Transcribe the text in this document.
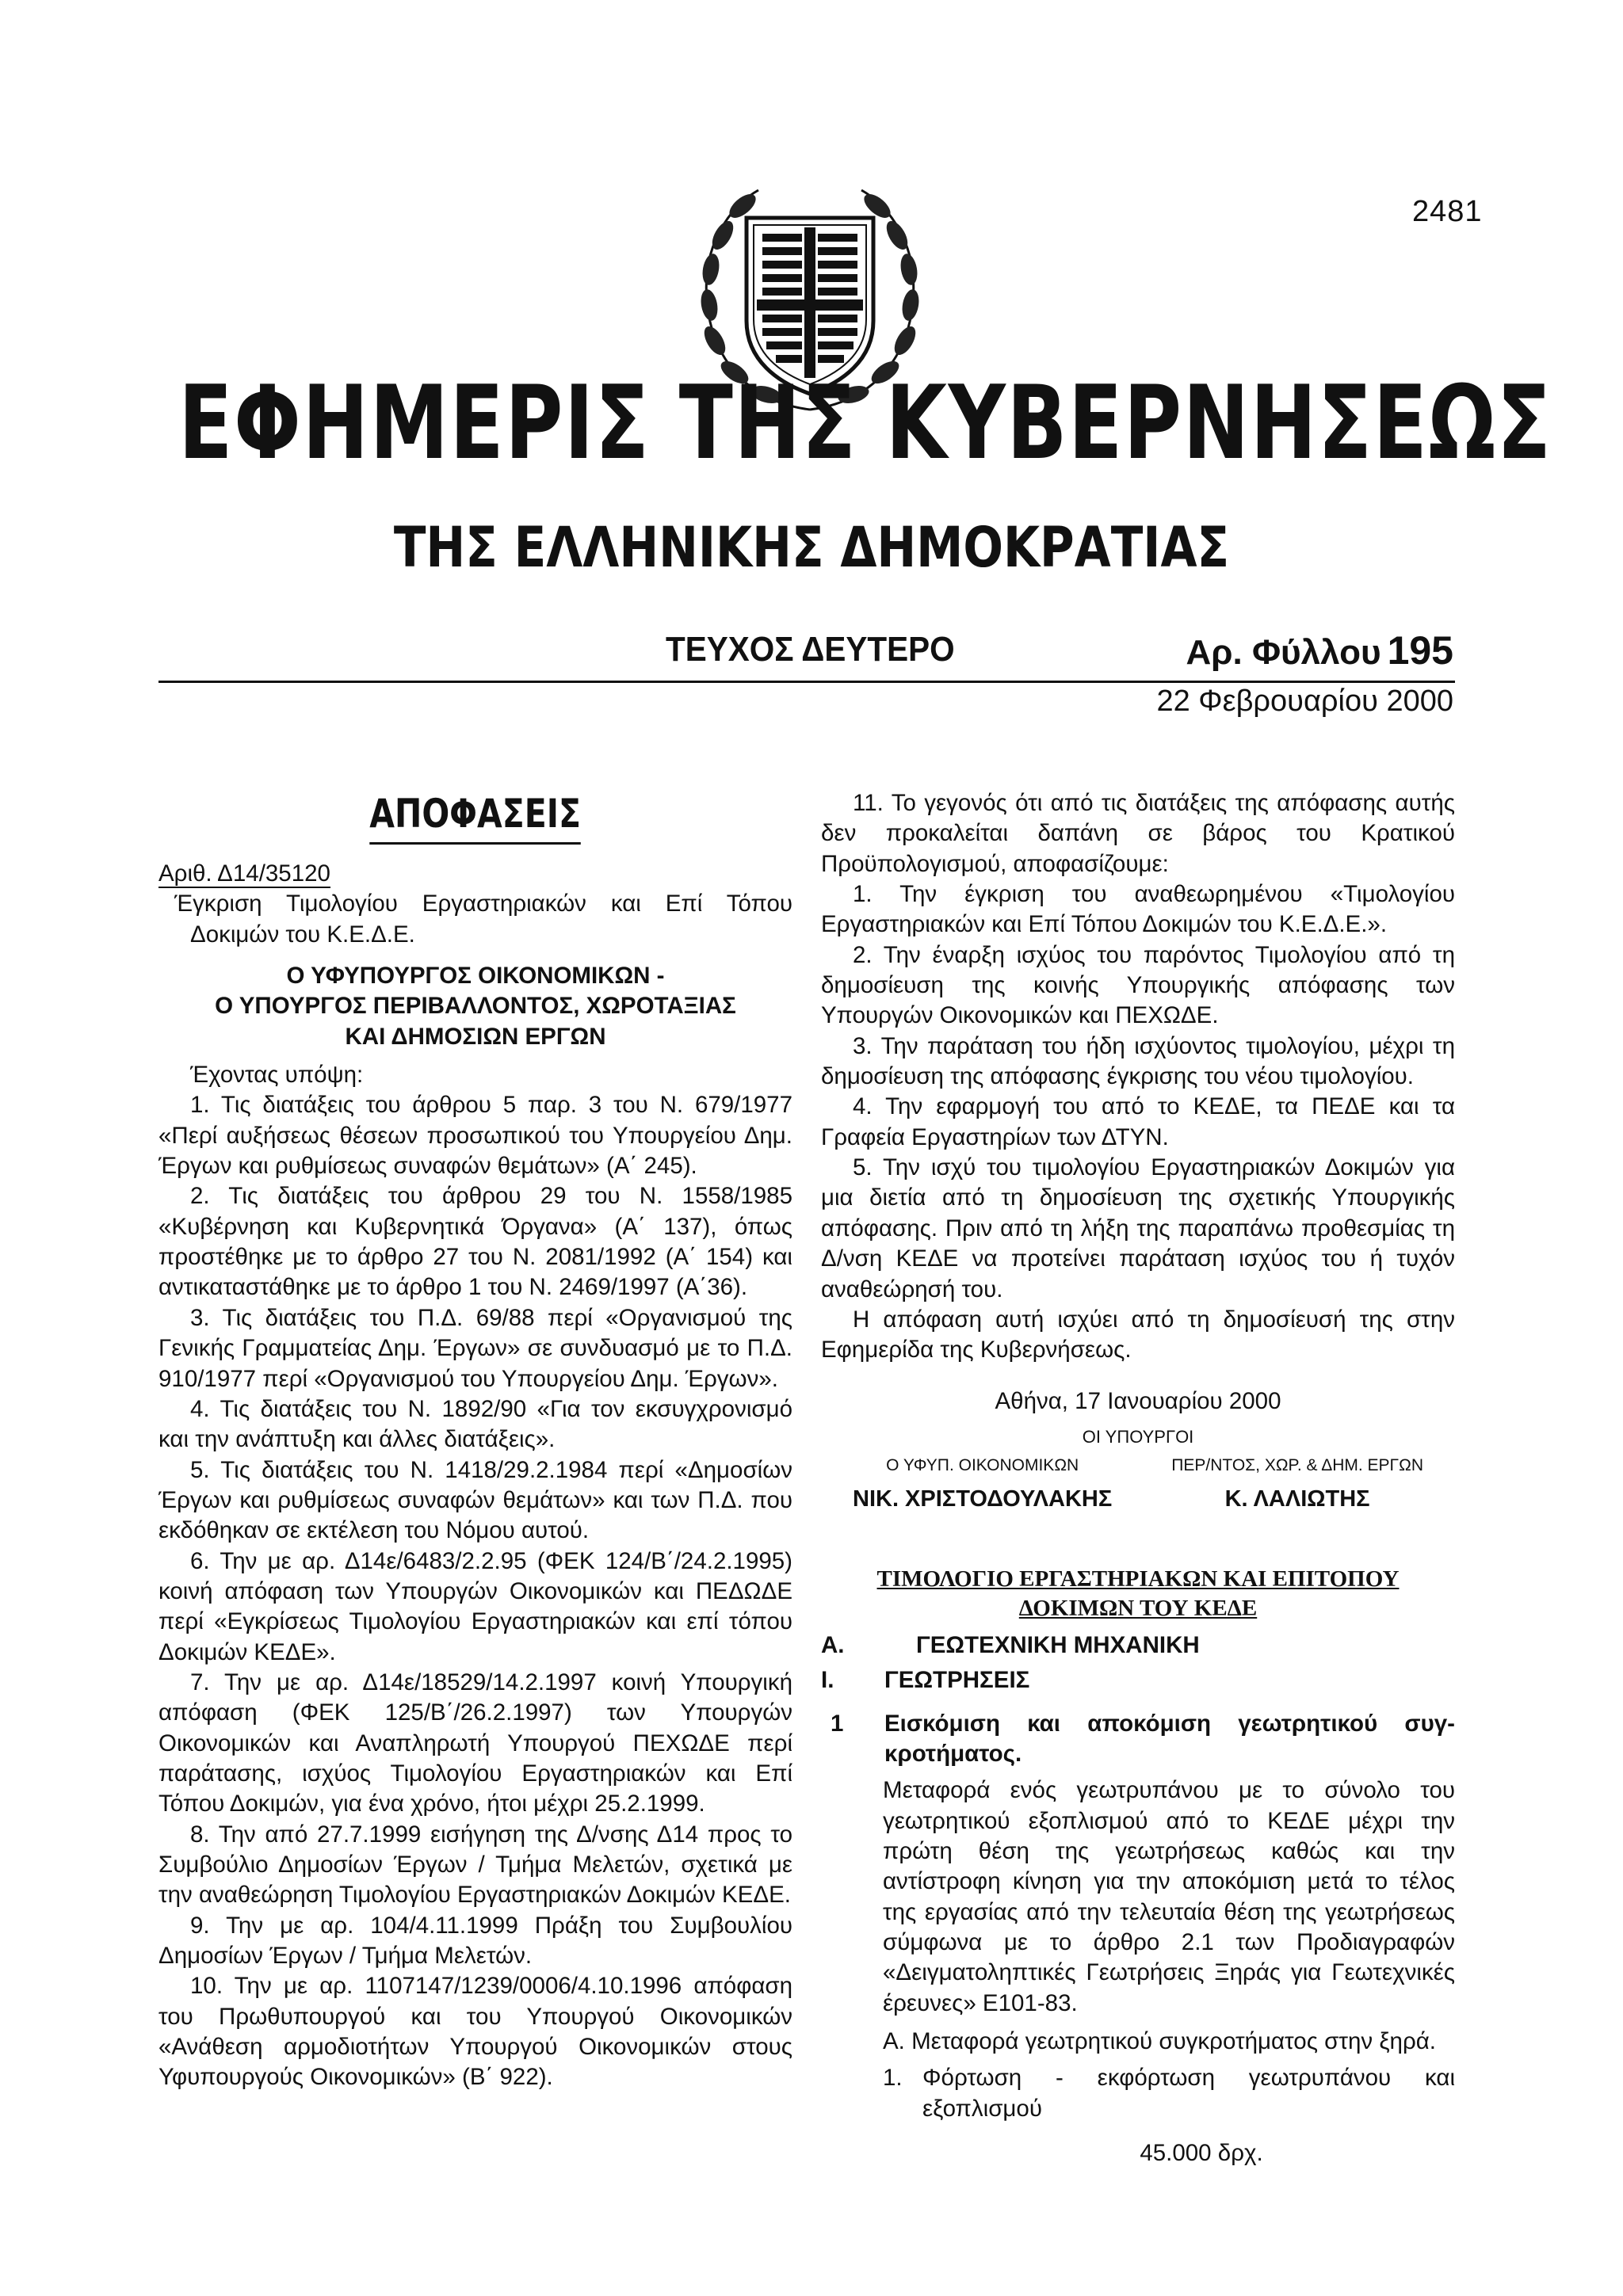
2481
ΕΦΗΜΕΡΙΣ ΤΗΣ ΚΥΒΕΡΝΗΣΕΩΣ
ΤΗΣ ΕΛΛΗΝΙΚΗΣ ΔΗΜΟΚΡΑΤΙΑΣ
ΤΕΥΧΟΣ ΔΕΥΤΕΡΟ	Αρ. Φύλλου 195
22 Φεβρουαρίου 2000
ΑΠΟΦΑΣΕΙΣ

Αριθ. Δ14/35120

Έγκριση Τιμολογίου Εργαστηριακών και Επί Τόπου Δοκιμών του Κ.Ε.Δ.Ε.

Ο ΥΦΥΠΟΥΡΓΟΣ ΟΙΚΟΝΟΜΙΚΩΝ -
Ο ΥΠΟΥΡΓΟΣ ΠΕΡΙΒΑΛΛΟΝΤΟΣ, ΧΩΡΟΤΑΞΙΑΣ
ΚΑΙ ΔΗΜΟΣΙΩΝ ΕΡΓΩΝ

Έχοντας υπόψη:

1. Τις διατάξεις του άρθρου 5 παρ. 3 του Ν. 679/1977 «Περί αυξήσεως θέσεων προσωπικού του Υπουργείου Δημ. Έργων και ρυθμίσεως συναφών θεμάτων» (Α΄ 245).

2. Τις διατάξεις του άρθρου 29 του Ν. 1558/1985 «Κυβέρνηση και Κυβερνητικά Όργανα» (Α΄ 137), όπως προστέθηκε με το άρθρο 27 του Ν. 2081/1992 (Α΄ 154) και αντικαταστάθηκε με το άρθρο 1 του Ν. 2469/1997 (Α΄36).

3. Τις διατάξεις του Π.Δ. 69/88 περί «Οργανισμού της Γενικής Γραμματείας Δημ. Έργων» σε συνδυασμό με το Π.Δ. 910/1977 περί «Οργανισμού του Υπουργείου Δημ. Έργων».

4. Τις διατάξεις του Ν. 1892/90 «Για τον εκσυγχρονισμό και την ανάπτυξη και άλλες διατάξεις».

5. Τις διατάξεις του Ν. 1418/29.2.1984 περί «Δημοσίων Έργων και ρυθμίσεως συναφών θεμάτων» και των Π.Δ. που εκδόθηκαν σε εκτέλεση του Νόμου αυτού.

6. Την με αρ. Δ14ε/6483/2.2.95 (ΦΕΚ 124/Β΄/24.2.1995) κοινή απόφαση των Υπουργών Οικονομικών και ΠΕΔΩΔΕ περί «Εγκρίσεως Τιμολογίου Εργαστηριακών και επί τόπου Δοκιμών ΚΕΔΕ».

7. Την με αρ. Δ14ε/18529/14.2.1997 κοινή Υπουργική απόφαση (ΦΕΚ 125/Β΄/26.2.1997) των Υπουργών Οικονομικών και Αναπληρωτή Υπουργού ΠΕΧΩΔΕ περί παράτασης, ισχύος Τιμολογίου Εργαστηριακών και Επί Τόπου Δοκιμών, για ένα χρόνο, ήτοι μέχρι 25.2.1999.

8. Την από 27.7.1999 εισήγηση της Δ/νσης Δ14 προς το Συμβούλιο Δημοσίων Έργων / Τμήμα Μελετών, σχετικά με την αναθεώρηση Τιμολογίου Εργαστηριακών Δοκιμών ΚΕΔΕ.

9. Την με αρ. 104/4.11.1999 Πράξη του Συμβουλίου Δημοσίων Έργων / Τμήμα Μελετών.

10. Την με αρ. 1107147/1239/0006/4.10.1996 απόφαση του Πρωθυπουργού και του Υπουργού Οικονομικών «Ανάθεση αρμοδιοτήτων Υπουργού Οικονομικών στους Υφυπουργούς Οικονομικών» (Β΄ 922).

11. Το γεγονός ότι από τις διατάξεις της απόφασης αυτής δεν προκαλείται δαπάνη σε βάρος του Κρατικού Προϋπολογισμού, αποφασίζουμε:

1. Την έγκριση του αναθεωρημένου «Τιμολογίου Εργαστηριακών και Επί Τόπου Δοκιμών του Κ.Ε.Δ.Ε.».

2. Την έναρξη ισχύος του παρόντος Τιμολογίου από τη δημοσίευση της κοινής Υπουργικής απόφασης των Υπουργών Οικονομικών και ΠΕΧΩΔΕ.

3. Την παράταση του ήδη ισχύοντος τιμολογίου, μέχρι τη δημοσίευση της απόφασης έγκρισης του νέου τιμολογίου.

4. Την εφαρμογή του από το ΚΕΔΕ, τα ΠΕΔΕ και τα Γραφεία Εργαστηρίων των ΔΤΥΝ.

5. Την ισχύ του τιμολογίου Εργαστηριακών Δοκιμών για μια διετία από τη δημοσίευση της σχετικής Υπουργικής απόφασης. Πριν από τη λήξη της παραπάνω προθεσμίας τη Δ/νση ΚΕΔΕ να προτείνει παράταση ισχύος του ή τυχόν αναθεώρησή του.

Η απόφαση αυτή ισχύει από τη δημοσίευσή της στην Εφημερίδα της Κυβερνήσεως.

Αθήνα, 17 Ιανουαρίου 2000

ΟΙ ΥΠΟΥΡΓΟΙ

Ο ΥΦΥΠ. ΟΙΚΟΝΟΜΙΚΩΝ
ΝΙΚ. ΧΡΙΣΤΟΔΟΥΛΑΚΗΣ
ΠΕΡ/ΝΤΟΣ, ΧΩΡ. & ΔΗΜ. ΕΡΓΩΝ
Κ. ΛΑΛΙΩΤΗΣ

ΤΙΜΟΛΟΓΙΟ ΕΡΓΑΣΤΗΡΙΑΚΩΝ ΚΑΙ ΕΠΙΤΟΠΟΥ
ΔΟΚΙΜΩΝ ΤΟΥ ΚΕΔΕ

Α.	ΓΕΩΤΕΧΝΙΚΗ ΜΗΧΑΝΙΚΗ
Ι.	ΓΕΩΤΡΗΣΕΙΣ
1	Εισκόμιση και αποκόμιση γεωτρητικού συγ-κροτήματος.

Μεταφορά ενός γεωτρυπάνου με το σύνολο του γεωτρητικού εξοπλισμού από το ΚΕΔΕ μέχρι την πρώτη θέση της γεωτρήσεως καθώς και την αντίστροφη κίνηση για την αποκόμιση μετά το τέλος της εργασίας από την τελευταία θέση της γεωτρήσεως σύμφωνα με το άρθρο 2.1 των Προδιαγραφών «Δειγματοληπτικές Γεωτρήσεις Ξηράς για Γεωτεχνικές έρευνες» Ε101-83.

Α. Μεταφορά γεωτρητικού συγκροτήματος στην ξηρά.

1. Φόρτωση - εκφόρτωση γεωτρυπάνου και εξοπλισμού

45.000 δρχ.
